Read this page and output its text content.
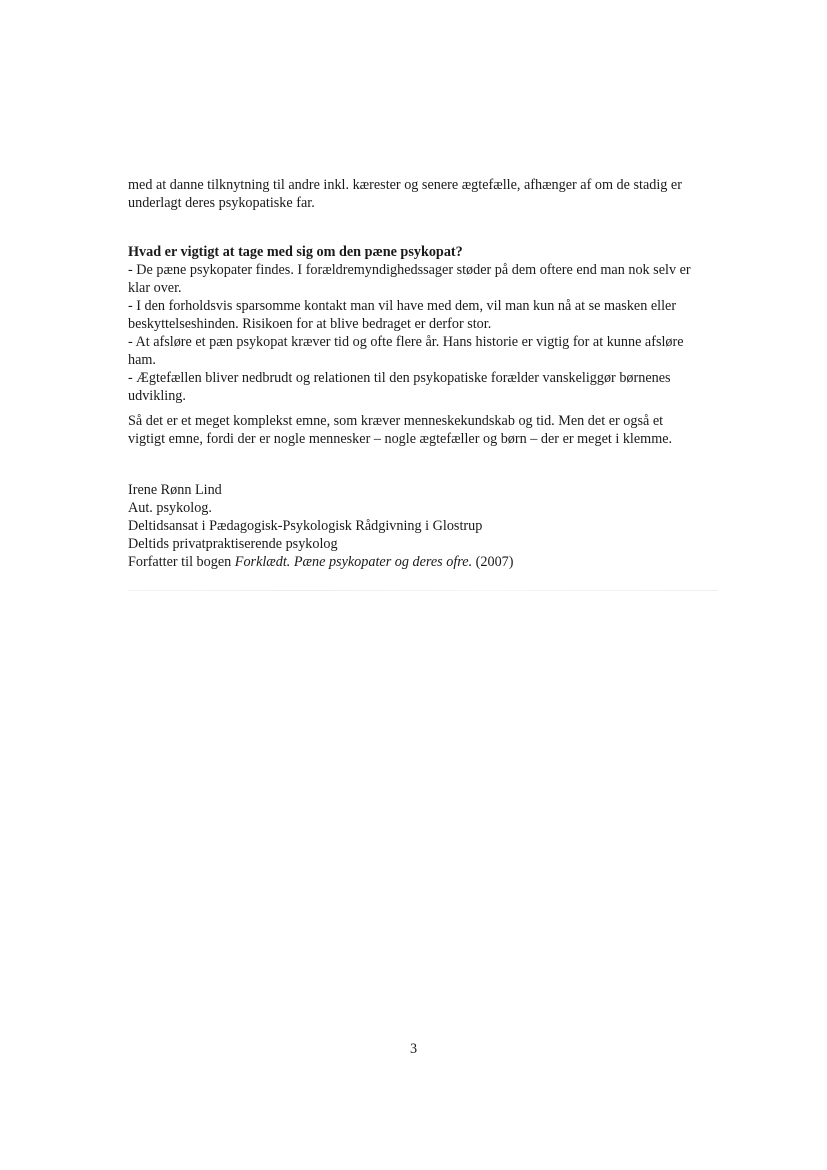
med at danne tilknytning til andre inkl. kærester og senere ægtefælle, afhænger af om de stadig er
underlagt deres psykopatiske far.
Hvad er vigtigt at tage med sig om den pæne psykopat?
- De pæne psykopater findes. I forældremyndighedssager støder på dem oftere end man nok selv er
klar over.
- I den forholdsvis sparsomme kontakt man vil have med dem, vil man kun nå at se masken eller
beskyttelseshinden. Risikoen for at blive bedraget er derfor stor.
- At afsløre et pæn psykopat kræver tid og ofte flere år. Hans historie er vigtig for at kunne afsløre
ham.
- Ægtefællen bliver nedbrudt og relationen til den psykopatiske forælder vanskeliggør børnenes
udvikling.
Så det er et meget komplekst emne, som kræver menneskekundskab og tid. Men det er også et
vigtigt emne, fordi der er nogle mennesker – nogle ægtefæller og børn – der er meget i klemme.
Irene Rønn Lind
Aut. psykolog.
Deltidsansat i Pædagogisk-Psykologisk Rådgivning i Glostrup
Deltids privatpraktiserende psykolog
Forfatter til bogen Forklædt. Pæne psykopater og deres ofre. (2007)
3
